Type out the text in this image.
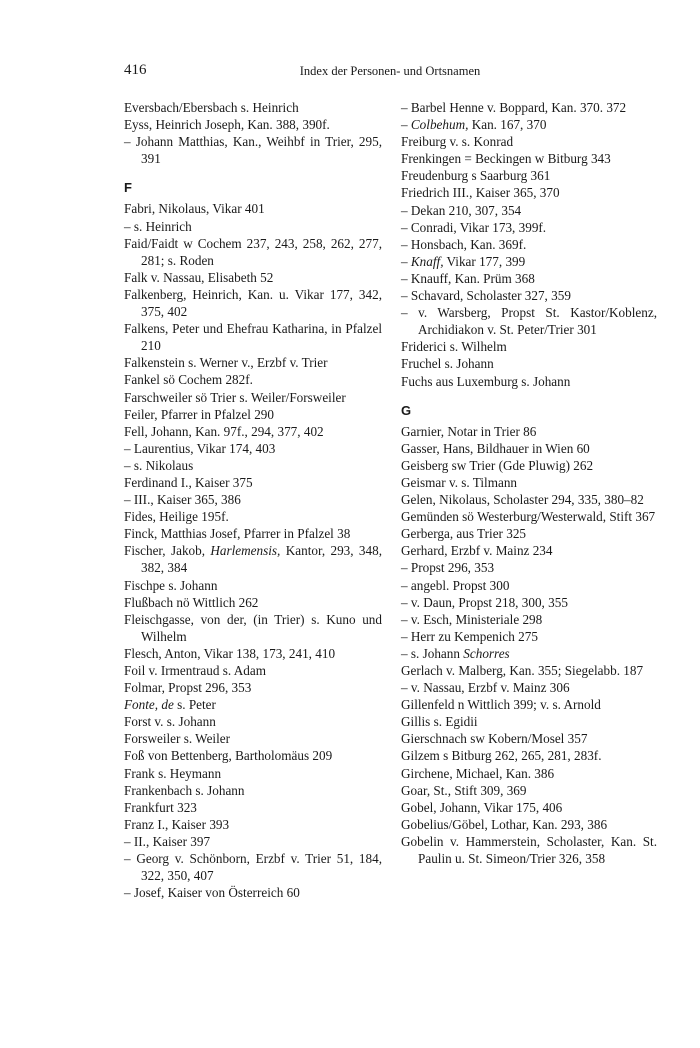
416	Index der Personen- und Ortsnamen
Eversbach/Ebersbach s. Heinrich
Eyss, Heinrich Joseph, Kan. 388, 390f.
– Johann Matthias, Kan., Weihbf in Trier, 295, 391
F
Fabri, Nikolaus, Vikar 401
– s. Heinrich
Faid/Faidt w Cochem 237, 243, 258, 262, 277, 281; s. Roden
Falk v. Nassau, Elisabeth 52
Falkenberg, Heinrich, Kan. u. Vikar 177, 342, 375, 402
Falkens, Peter und Ehefrau Katharina, in Pfalzel 210
Falkenstein s. Werner v., Erzbf v. Trier
Fankel sö Cochem 282f.
Farschweiler sö Trier s. Weiler/Forsweiler
Feiler, Pfarrer in Pfalzel 290
Fell, Johann, Kan. 97f., 294, 377, 402
– Laurentius, Vikar 174, 403
– s. Nikolaus
Ferdinand I., Kaiser 375
– III., Kaiser 365, 386
Fides, Heilige 195f.
Finck, Matthias Josef, Pfarrer in Pfalzel 38
Fischer, Jakob, Harlemensis, Kantor, 293, 348, 382, 384
Fischpe s. Johann
Flußbach nö Wittlich 262
Fleischgasse, von der, (in Trier) s. Kuno und Wilhelm
Flesch, Anton, Vikar 138, 173, 241, 410
Foil v. Irmentraud s. Adam
Folmar, Propst 296, 353
Fonte, de s. Peter
Forst v. s. Johann
Forsweiler s. Weiler
Foß von Bettenberg, Bartholomäus 209
Frank s. Heymann
Frankenbach s. Johann
Frankfurt 323
Franz I., Kaiser 393
– II., Kaiser 397
– Georg v. Schönborn, Erzbf v. Trier 51, 184, 322, 350, 407
– Josef, Kaiser von Österreich 60
– Barbel Henne v. Boppard, Kan. 370. 372
– Colbehum, Kan. 167, 370
Freiburg v. s. Konrad
Frenkingen = Beckingen w Bitburg 343
Freudenburg s Saarburg 361
Friedrich III., Kaiser 365, 370
– Dekan 210, 307, 354
– Conradi, Vikar 173, 399f.
– Honsbach, Kan. 369f.
– Knaff, Vikar 177, 399
– Knauff, Kan. Prüm 368
– Schavard, Scholaster 327, 359
– v. Warsberg, Propst St. Kastor/Koblenz, Archidiakon v. St. Peter/Trier 301
Friderici s. Wilhelm
Fruchel s. Johann
Fuchs aus Luxemburg s. Johann
G
Garnier, Notar in Trier 86
Gasser, Hans, Bildhauer in Wien 60
Geisberg sw Trier (Gde Pluwig) 262
Geismar v. s. Tilmann
Gelen, Nikolaus, Scholaster 294, 335, 380–82
Gemünden sö Westerburg/Westerwald, Stift 367
Gerberga, aus Trier 325
Gerhard, Erzbf v. Mainz 234
– Propst 296, 353
– angebl. Propst 300
– v. Daun, Propst 218, 300, 355
– v. Esch, Ministeriale 298
– Herr zu Kempenich 275
– s. Johann Schorres
Gerlach v. Malberg, Kan. 355; Siegelabb. 187
– v. Nassau, Erzbf v. Mainz 306
Gillenfeld n Wittlich 399; v. s. Arnold
Gillis s. Egidii
Gierschnach sw Kobern/Mosel 357
Gilzem s Bitburg 262, 265, 281, 283f.
Girchene, Michael, Kan. 386
Goar, St., Stift 309, 369
Gobel, Johann, Vikar 175, 406
Gobelius/Göbel, Lothar, Kan. 293, 386
Gobelin v. Hammerstein, Scholaster, Kan. St. Paulin u. St. Simeon/Trier 326, 358
